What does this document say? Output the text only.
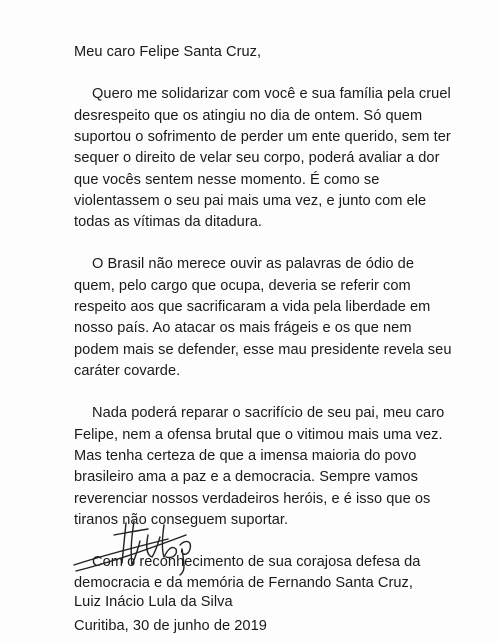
Meu caro Felipe Santa Cruz,
Quero me solidarizar com você e sua família pela cruel
desrespeito que os atingiu no dia de ontem. Só quem
suportou o sofrimento de perder um ente querido, sem ter
sequer o direito de velar seu corpo, poderá avaliar a dor
que vocês sentem nesse momento. É como se
violentassem o seu pai mais uma vez, e junto com ele
todas as vítimas da ditadura.
O Brasil não merece ouvir as palavras de ódio de
quem, pelo cargo que ocupa, deveria se referir com
respeito aos que sacrificaram a vida pela liberdade em
nosso país. Ao atacar os mais frágeis e os que nem
podem mais se defender, esse mau presidente revela seu
caráter covarde.
Nada poderá reparar o sacrifício de seu pai, meu caro
Felipe, nem a ofensa brutal que o vitimou mais uma vez.
Mas tenha certeza de que a imensa maioria do povo
brasileiro ama a paz e a democracia. Sempre vamos
reverenciar nossos verdadeiros heróis, e é isso que os
tiranos não conseguem suportar.
Com o reconhecimento de sua corajosa defesa da
democracia e da memória de Fernando Santa Cruz,
Luiz Inácio Lula da Silva
Curitiba, 30 de junho de 2019
